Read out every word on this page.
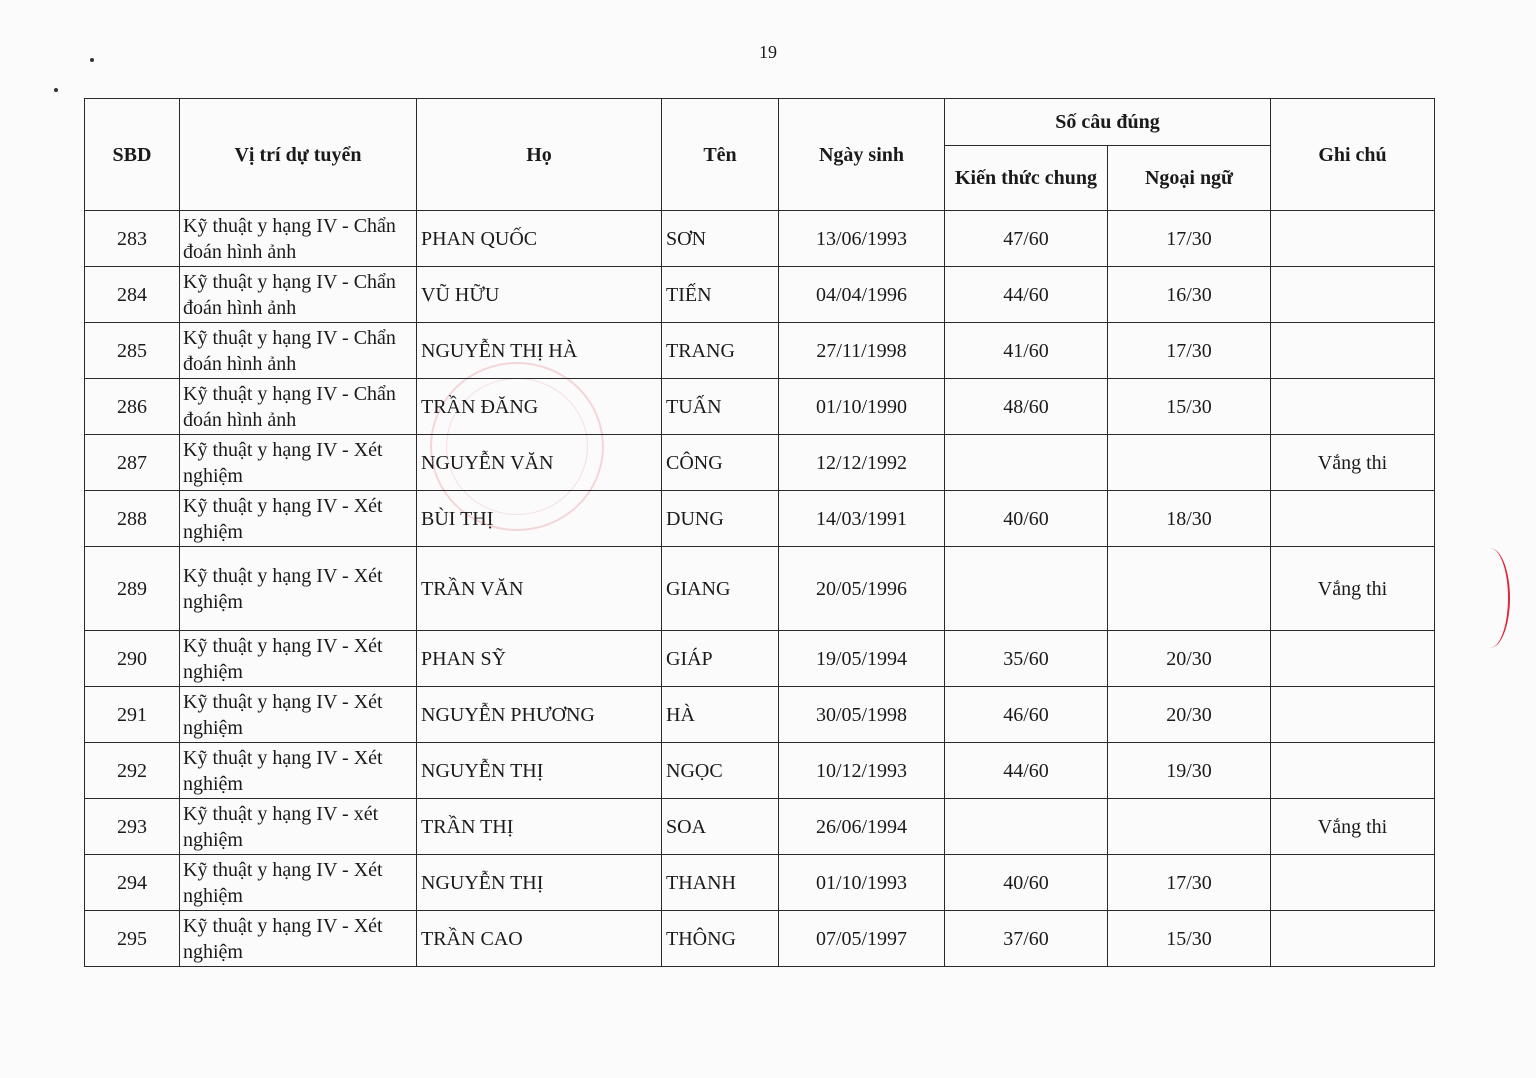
19
SBD	Vị trí dự tuyển	Họ	Tên	Ngày sinh	Số câu đúng		Ghi chú
					Kiến thức chung	Ngoại ngữ	
283	Kỹ thuật y hạng IV - Chẩn đoán hình ảnh	PHAN QUỐC	SƠN	13/06/1993	47/60	17/30	
284	Kỹ thuật y hạng IV - Chẩn đoán hình ảnh	VŨ HỮU	TIẾN	04/04/1996	44/60	16/30	
285	Kỹ thuật y hạng IV - Chẩn đoán hình ảnh	NGUYỄN THỊ HÀ	TRANG	27/11/1998	41/60	17/30	
286	Kỹ thuật y hạng IV - Chẩn đoán hình ảnh	TRẦN ĐĂNG	TUẤN	01/10/1990	48/60	15/30	
287	Kỹ thuật y hạng IV - Xét nghiệm	NGUYỄN VĂN	CÔNG	12/12/1992			Vắng thi
288	Kỹ thuật y hạng IV - Xét nghiệm	BÙI THỊ	DUNG	14/03/1991	40/60	18/30	
289	Kỹ thuật y hạng IV - Xét nghiệm	TRẦN VĂN	GIANG	20/05/1996			Vắng thi
290	Kỹ thuật y hạng IV - Xét nghiệm	PHAN SỸ	GIÁP	19/05/1994	35/60	20/30	
291	Kỹ thuật y hạng IV - Xét nghiệm	NGUYỄN PHƯƠNG	HÀ	30/05/1998	46/60	20/30	
292	Kỹ thuật y hạng IV - Xét nghiệm	NGUYỄN THỊ	NGỌC	10/12/1993	44/60	19/30	
293	Kỹ thuật y hạng IV - xét nghiệm	TRẦN THỊ	SOA	26/06/1994			Vắng thi
294	Kỹ thuật y hạng IV - Xét nghiệm	NGUYỄN THỊ	THANH	01/10/1993	40/60	17/30	
295	Kỹ thuật y hạng IV - Xét nghiệm	TRẦN CAO	THÔNG	07/05/1997	37/60	15/30	
